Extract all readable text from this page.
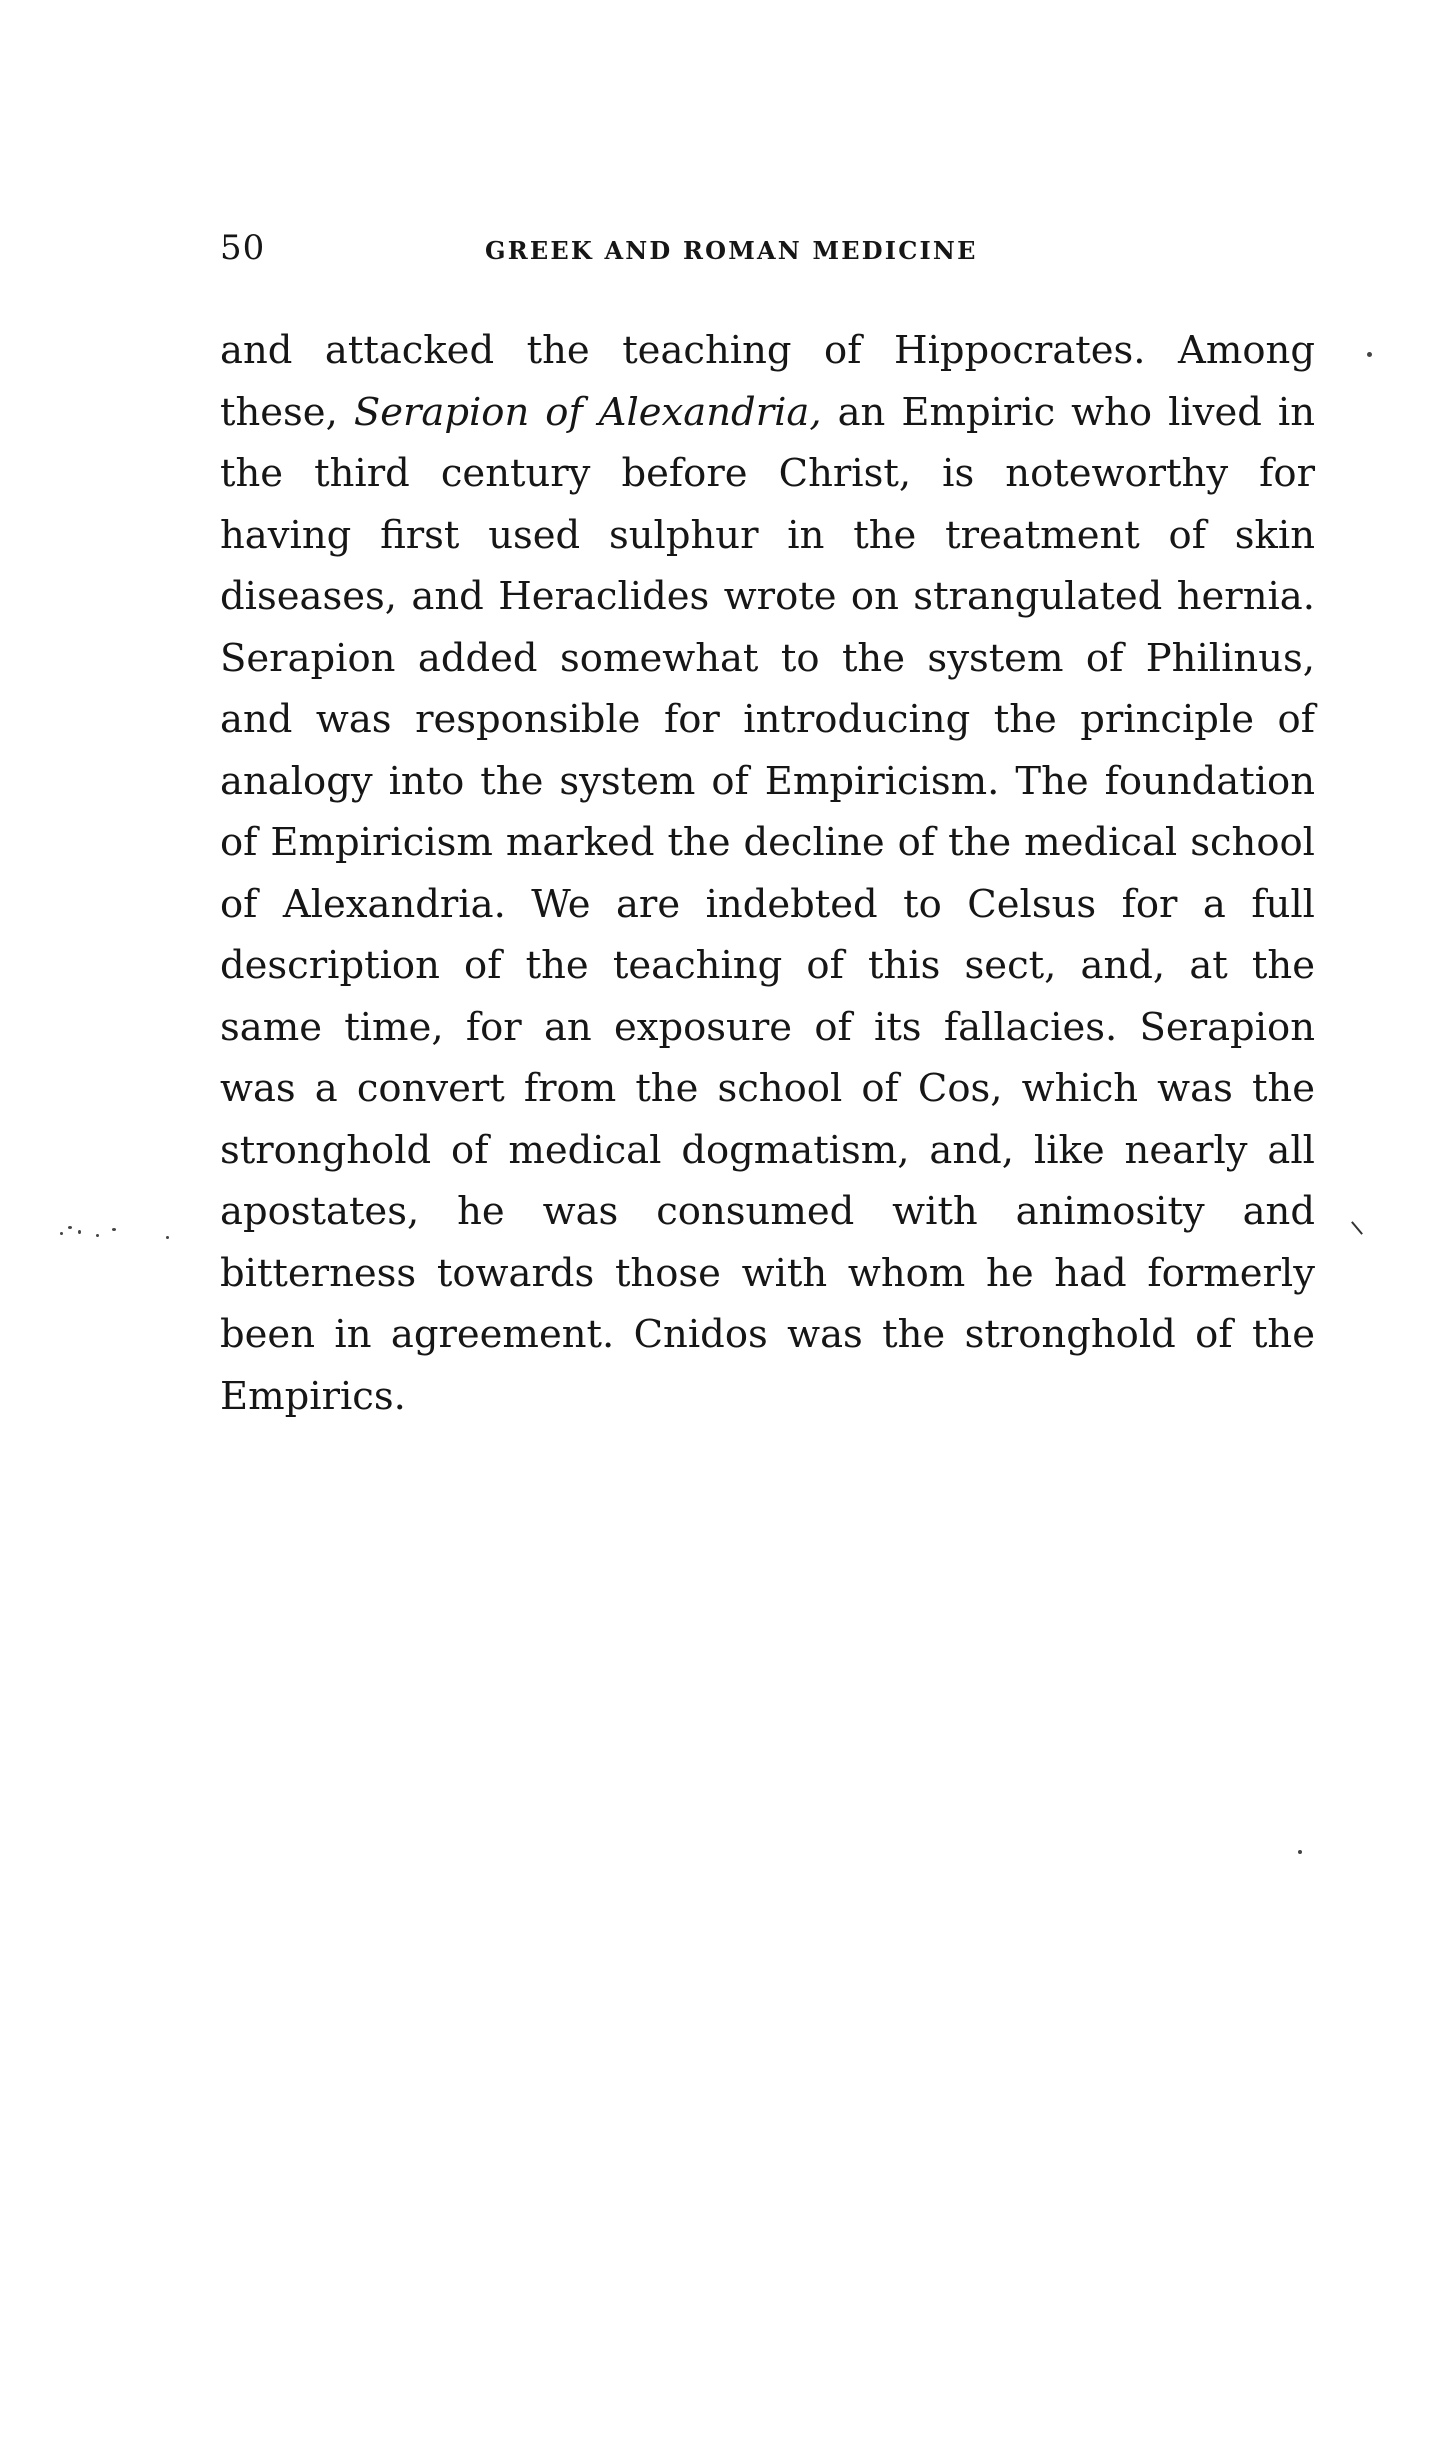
50	GREEK AND ROMAN MEDICINE

and attacked the teaching of Hippocrates. Among these, Serapion of Alexandria, an Empiric who lived in the third century before Christ, is noteworthy for having first used sulphur in the treatment of skin diseases, and Heraclides wrote on strangulated hernia. Serapion added somewhat to the system of Philinus, and was responsible for introducing the principle of analogy into the system of Empiricism. The foundation of Empiricism marked the decline of the medical school of Alexandria. We are indebted to Celsus for a full description of the teaching of this sect, and, at the same time, for an exposure of its fallacies. Serapion was a convert from the school of Cos, which was the stronghold of medical dogmatism, and, like nearly all apostates, he was consumed with animosity and bitterness towards those with whom he had formerly been in agreement. Cnidos was the stronghold of the Empirics.
